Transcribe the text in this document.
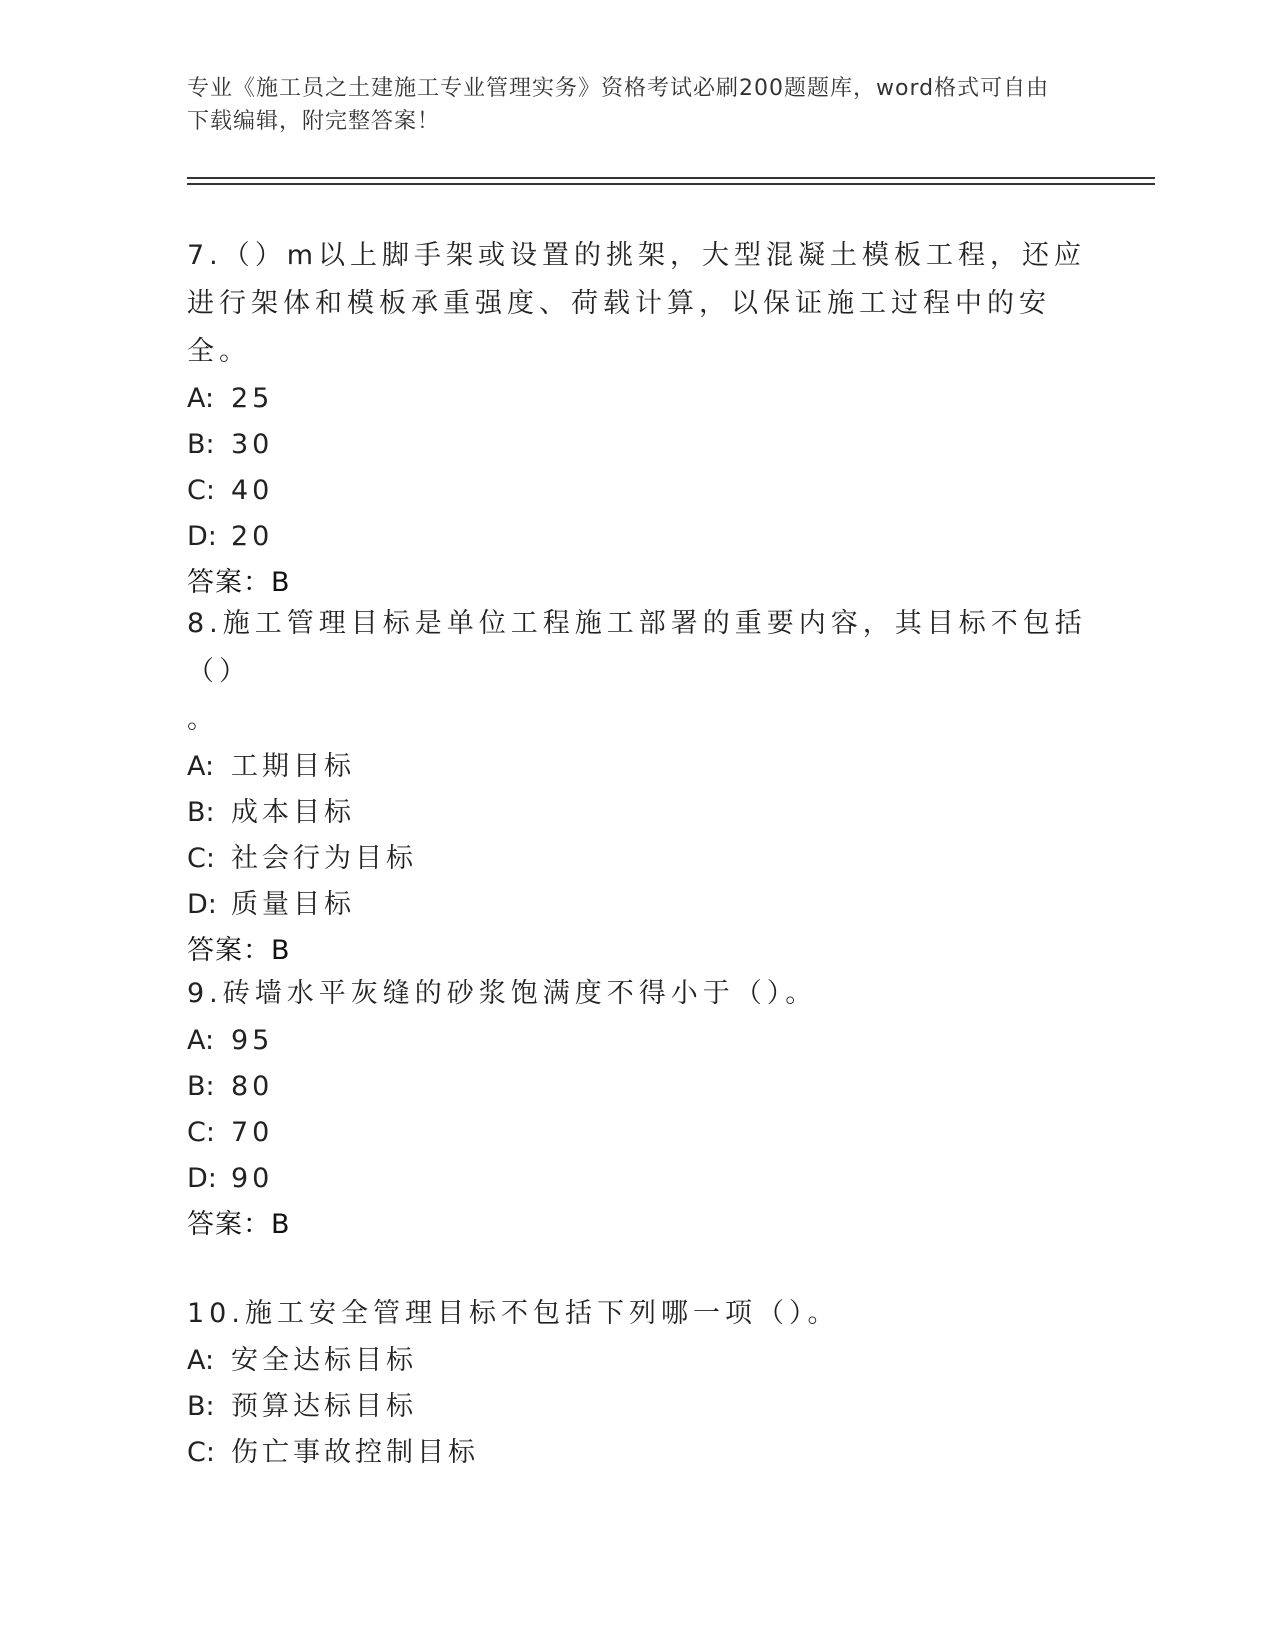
专业《施工员之土建施工专业管理实务》资格考试必刷200题题库，word格式可自由下载编辑，附完整答案！

7.（）m以上脚手架或设置的挑架，大型混凝土模板工程，还应进行架体和模板承重强度、荷载计算，以保证施工过程中的安全。

A: 25

B: 30

C: 40

D: 20

答案：B

8.施工管理目标是单位工程施工部署的重要内容，其目标不包括（）

。

A: 工期目标

B: 成本目标

C: 社会行为目标

D: 质量目标

答案：B

9.砖墙水平灰缝的砂浆饱满度不得小于（）。

A: 95

B: 80

C: 70

D: 90

答案：B

10.施工安全管理目标不包括下列哪一项（）。

A: 安全达标目标

B: 预算达标目标

C: 伤亡事故控制目标
